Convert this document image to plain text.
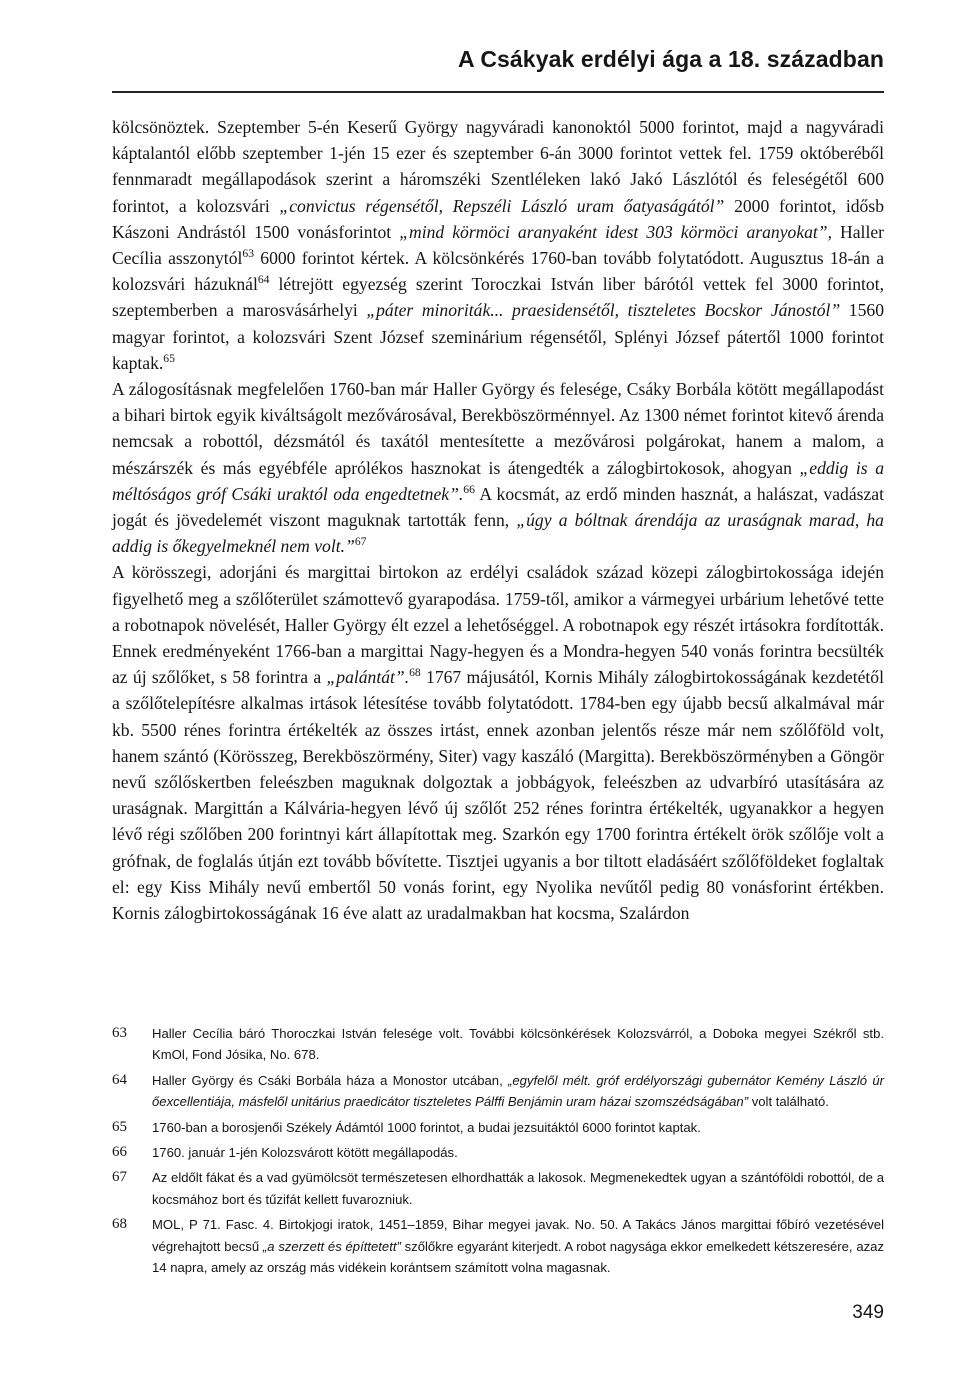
A Csákyak erdélyi ága a 18. században

kölcsönöztek. Szeptember 5-én Keserű György nagyváradi kanonoktól 5000 forintot, majd a nagyváradi káptalantól előbb szeptember 1-jén 15 ezer és szeptember 6-án 3000 forintot vettek fel. 1759 októberéből fennmaradt megállapodások szerint a háromszéki Szentléleken lakó Jakó Lászlótól és feleségétől 600 forintot, a kolozsvári „convictus régensétől, Repszéli László uram őatyaságától” 2000 forintot, idősb Kászoni Andrástól 1500 vonásforintot „mind körmöci aranyaként idest 303 körmöci aranyokat”, Haller Cecília asszonytól$^{63}$ 6000 forintot kértek. A kölcsönkérés 1760-ban tovább folytatódott. Augusztus 18-án a kolozsvári házuknál$^{64}$ létrejött egyezség szerint Toroczkai István liber bárótól vettek fel 3000 forintot, szeptemberben a marosvásárhelyi „páter minoriták... praesidensétől, tiszteletes Bocskor Jánostól” 1560 magyar forintot, a kolozsvári Szent József szeminárium régensétől, Splényi József pátertől 1000 forintot kaptak.$^{65}$

A zálogosításnak megfelelően 1760-ban már Haller György és felesége, Csáky Borbála kötött megállapodást a bihari birtok egyik kiváltságolt mezővárosával, Berekböszörménnyel. Az 1300 német forintot kitevő árenda nemcsak a robottól, dézsmától és taxától mentesítette a mezővárosi polgárokat, hanem a malom, a mészárszék és más egyébféle aprólékos hasznokat is átengedték a zálogbirtokosok, ahogyan „eddig is a méltóságos gróf Csáki uraktól oda engedtetnek”.$^{66}$ A kocsmát, az erdő minden hasznát, a halászat, vadászat jogát és jövedelemét viszont maguknak tartották fenn, „úgy a bóltnak árendája az uraságnak marad, ha addig is őkegyelmeknél nem volt.”$^{67}$

A körösszegi, adorjáni és margittai birtokon az erdélyi családok század közepi zálogbirtokossága idején figyelhető meg a szőlőterület számottevő gyarapodása. 1759-től, amikor a vármegyei urbárium lehetővé tette a robotnapok növelését, Haller György élt ezzel a lehetőséggel. A robotnapok egy részét irtásokra fordították. Ennek eredményeként 1766-ban a margittai Nagy-hegyen és a Mondra-hegyen 540 vonás forintra becsülték az új szőlőket, s 58 forintra a „palántát”.$^{68}$ 1767 májusától, Kornis Mihály zálogbirtokosságának kezdetétől a szőlőtelepítésre alkalmas irtások létesítése tovább folytatódott. 1784-ben egy újabb becsű alkalmával már kb. 5500 rénes forintra értékelték az összes irtást, ennek azonban jelentős része már nem szőlőföld volt, hanem szántó (Körösszeg, Berekböszörmény, Siter) vagy kaszáló (Margitta). Berekböszörményben a Göngör nevű szőlőskertben feleészben maguknak dolgoztak a jobbágyok, feleészben az udvarbíró utasítására az uraságnak. Margittán a Kálvária-hegyen lévő új szőlőt 252 rénes forintra értékelték, ugyanakkor a hegyen lévő régi szőlőben 200 forintnyi kárt állapítottak meg. Szarkón egy 1700 forintra értékelt örök szőlője volt a grófnak, de foglalás útján ezt tovább bővítette. Tisztjei ugyanis a bor tiltott eladásáért szőlőföldeket foglaltak el: egy Kiss Mihály nevű embertől 50 vonás forint, egy Nyolika nevűtől pedig 80 vonásforint értékben. Kornis zálogbirtokosságának 16 éve alatt az uradalmakban hat kocsma, Szalárdon

63 Haller Cecília báró Thoroczkai István felesége volt. További kölcsönkérések Kolozsvárról, a Doboka megyei Székről stb. KmOl, Fond Jósika, No. 678.
64 Haller György és Csáki Borbála háza a Monostor utcában, „egyfelől mélt. gróf erdélyországi gubernátor Kemény László úr őexcellentiája, másfelől unitárius praedicátor tiszteletes Pálffi Benjámin uram házai szomszédságában” volt található.
65 1760-ban a borosjenői Székely Ádámtól 1000 forintot, a budai jezsuitáktól 6000 forintot kaptak.
66 1760. január 1-jén Kolozsvárott kötött megállapodás.
67 Az eldőlt fákat és a vad gyümölcsöt természetesen elhordhatták a lakosok. Megmenekedtek ugyan a szántóföldi robottól, de a kocsmához bort és tűzifát kellett fuvarozniuk.
68 MOL, P 71. Fasc. 4. Birtokjogi iratok, 1451–1859, Bihar megyei javak. No. 50. A Takács János margittai főbíró vezetésével végrehajtott becsű „a szerzett és építtetett” szőlőkre egyaránt kiterjedt. A robot nagysága ekkor emelkedett kétszeresére, azaz 14 napra, amely az ország más vidékein korántsem számított volna magasnak.
349
